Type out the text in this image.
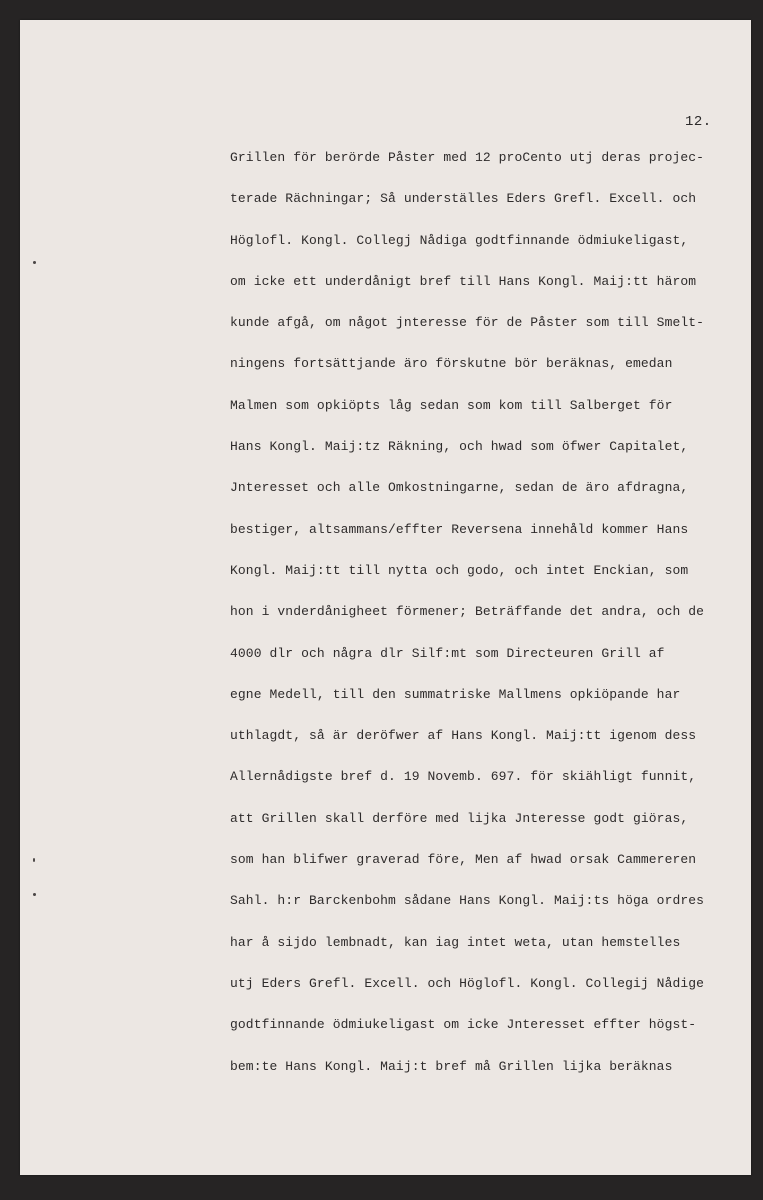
12.
Grillen för berörde Påster med 12 proCento utj deras projec-
terade Rächningar; Så underställes Eders Grefl. Excell. och
Höglofl. Kongl. Collegj Nådiga godtfinnande ödmiukeligast,
om icke ett underdånigt bref till Hans Kongl. Maij:tt härom
kunde afgå, om något jnteresse för de Påster som till Smelt-
ningens fortsättjande äro förskutne bör beräknas, emedan
Malmen som opkiöpts låg sedan som kom till Salberget för
Hans Kongl. Maij:tz Räkning, och hwad som öfwer Capitalet,
Jnteresset och alle Omkostningarne, sedan de äro afdragna,
bestiger, altsammans/effter Reversena innehåld kommer Hans
Kongl. Maij:tt till nytta och godo, och intet Enckian, som
hon i vnderdånigheet förmener; Beträffande det andra, och de
4000 dlr och några dlr Silf:mt som Directeuren Grill af
egne Medell, till den summatriske Mallmens opkiöpande har
uthlagdt, så är deröfwer af Hans Kongl. Maij:tt igenom dess
Allernådigste bref d. 19 Novemb. 697. för skiähligt funnit,
att Grillen skall derföre med lijka Jnteresse godt giöras,
som han blifwer graverad före, Men af hwad orsak Cammereren
Sahl. h:r Barckenbohm sådane Hans Kongl. Maij:ts höga ordres
har å sijdo lembnadt, kan iag intet weta, utan hemstelles
utj Eders Grefl. Excell. och Höglofl. Kongl. Collegij Nådige
godtfinnande ödmiukeligast om icke Jnteresset effter högst-
bem:te Hans Kongl. Maij:t bref må Grillen lijka beräknas
